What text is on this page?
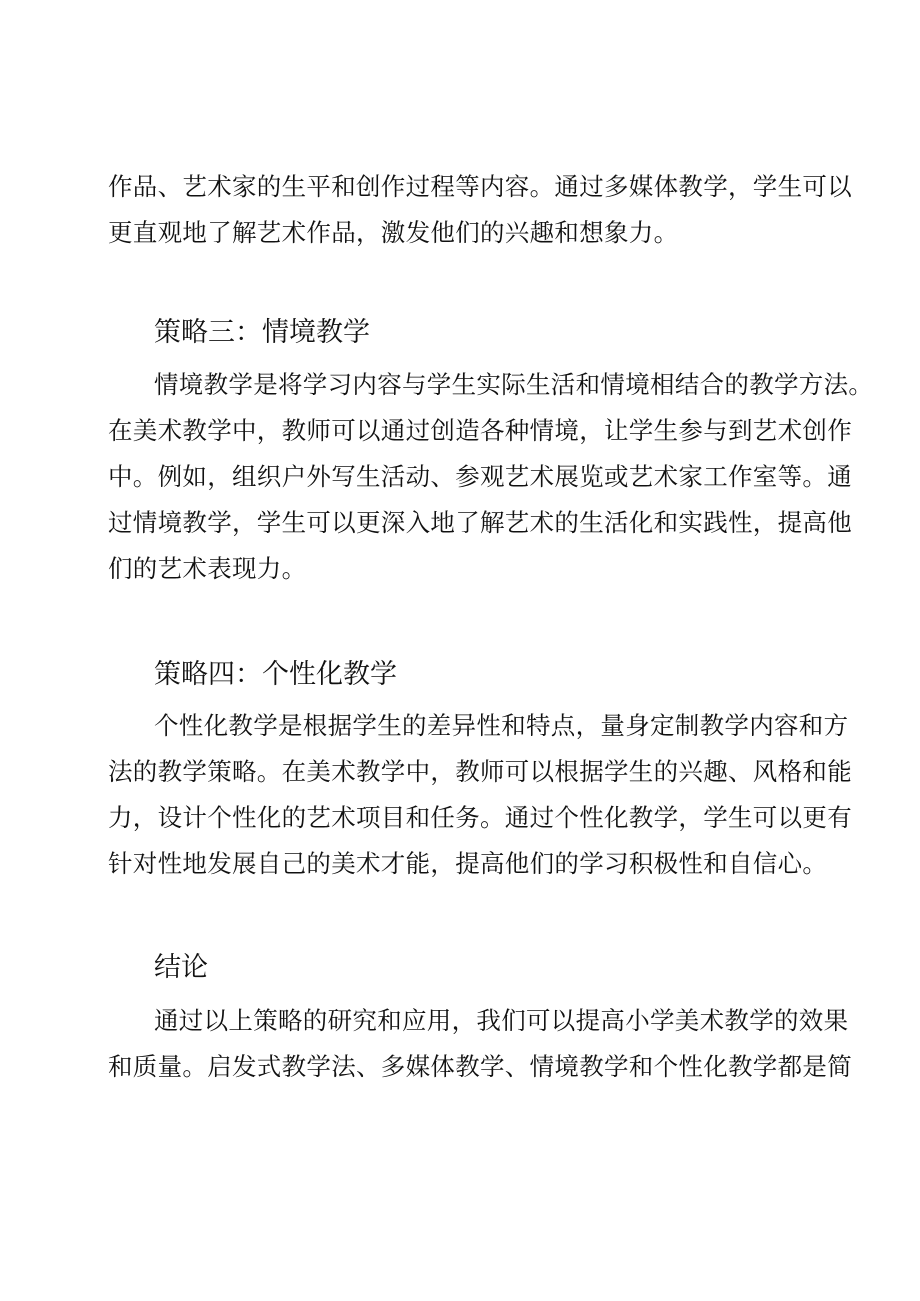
作品、艺术家的生平和创作过程等内容。通过多媒体教学，学生可以
更直观地了解艺术作品，激发他们的兴趣和想象力。
策略三：情境教学
情境教学是将学习内容与学生实际生活和情境相结合的教学方法。
在美术教学中，教师可以通过创造各种情境，让学生参与到艺术创作
中。例如，组织户外写生活动、参观艺术展览或艺术家工作室等。通
过情境教学，学生可以更深入地了解艺术的生活化和实践性，提高他
们的艺术表现力。
策略四：个性化教学
个性化教学是根据学生的差异性和特点，量身定制教学内容和方
法的教学策略。在美术教学中，教师可以根据学生的兴趣、风格和能
力，设计个性化的艺术项目和任务。通过个性化教学，学生可以更有
针对性地发展自己的美术才能，提高他们的学习积极性和自信心。
结论
通过以上策略的研究和应用，我们可以提高小学美术教学的效果
和质量。启发式教学法、多媒体教学、情境教学和个性化教学都是简
